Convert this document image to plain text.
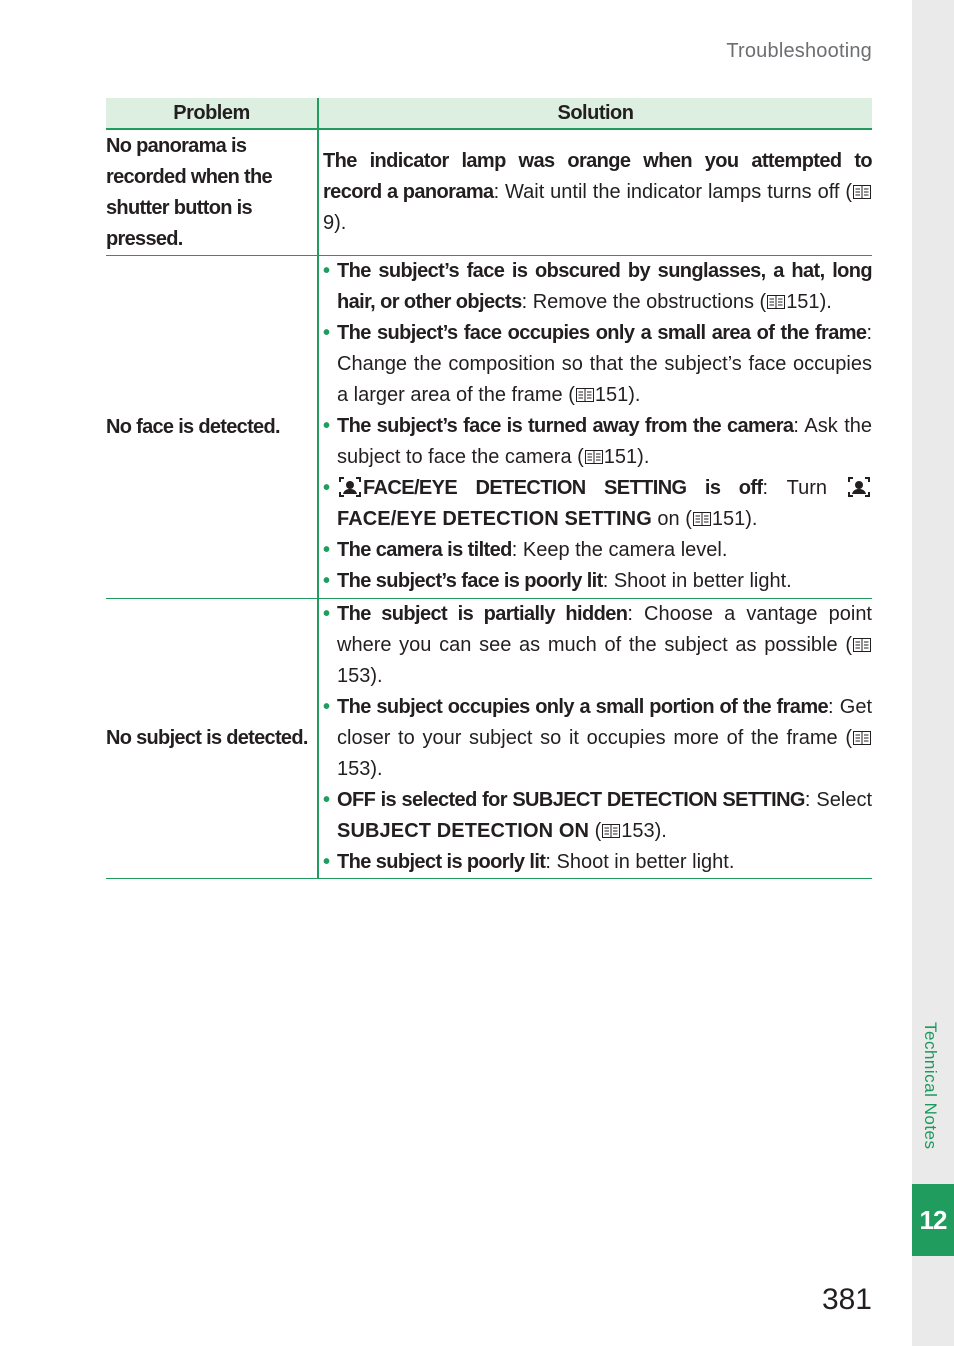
Troubleshooting
Technical Notes
12
381
Problem	Solution
No panorama is recorded when the shutter button is pressed.
The indicator lamp was orange when you attempted to record a panorama: Wait until the indicator lamps turns off (
9).
No face is detected.
• The subject’s face is obscured by sunglasses, a hat, long hair, or other objects: Remove the obstructions ( 151).
• The subject’s face occupies only a small area of the frame: Change the composition so that the subject’s face occupies a larger area of the frame ( 151).
• The subject’s face is turned away from the camera: Ask the subject to face the camera ( 151).
• FACE/EYE DETECTION SETTING is off: Turn FACE/EYE DETECTION SETTING on ( 151).
• The camera is tilted: Keep the camera level.
• The subject’s face is poorly lit: Shoot in better light.
No subject is detected.
• The subject is partially hidden: Choose a vantage point where you can see as much of the subject as possible (
153).
• The subject occupies only a small portion of the frame: Get closer to your subject so it occupies more of the frame (
153).
• OFF is selected for SUBJECT DETECTION SETTING: Select SUBJECT DETECTION ON ( 153).
• The subject is poorly lit: Shoot in better light.
